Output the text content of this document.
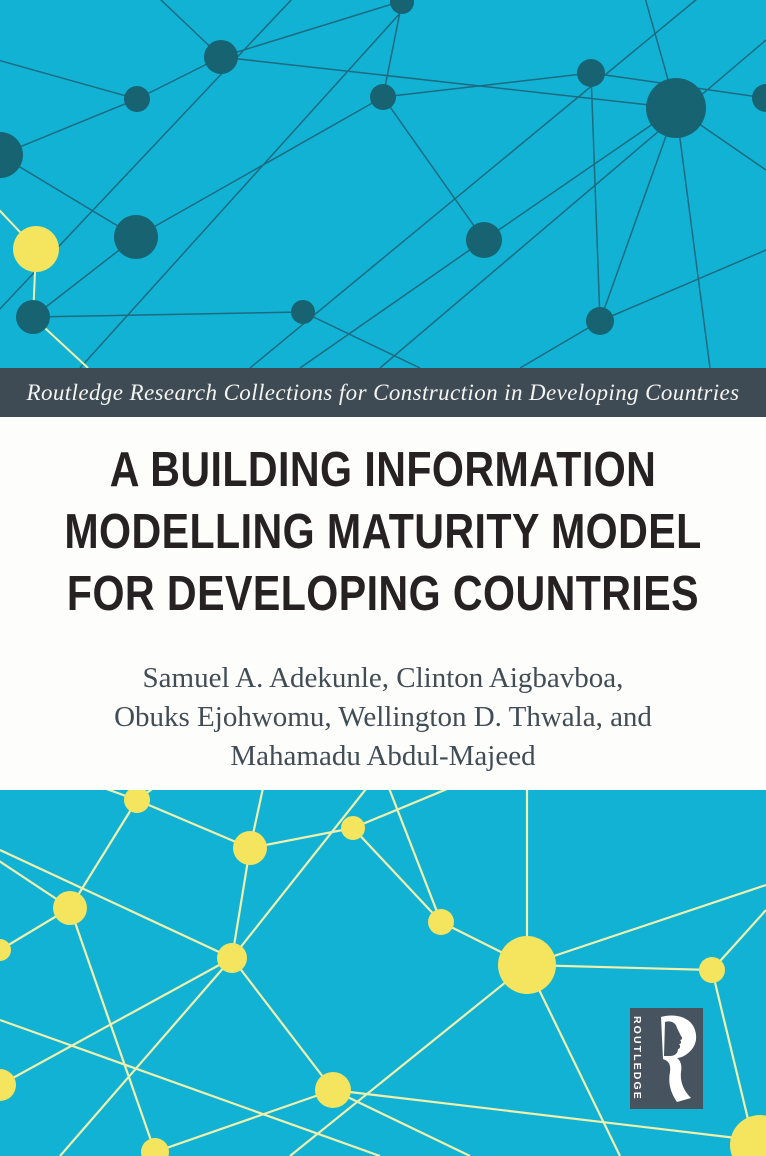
Routledge Research Collections for Construction in Developing Countries
A BUILDING INFORMATION
MODELLING MATURITY MODEL
FOR DEVELOPING COUNTRIES
Samuel A. Adekunle, Clinton Aigbavboa,
Obuks Ejohwomu, Wellington D. Thwala, and
Mahamadu Abdul-Majeed
ROUTLEDGE
